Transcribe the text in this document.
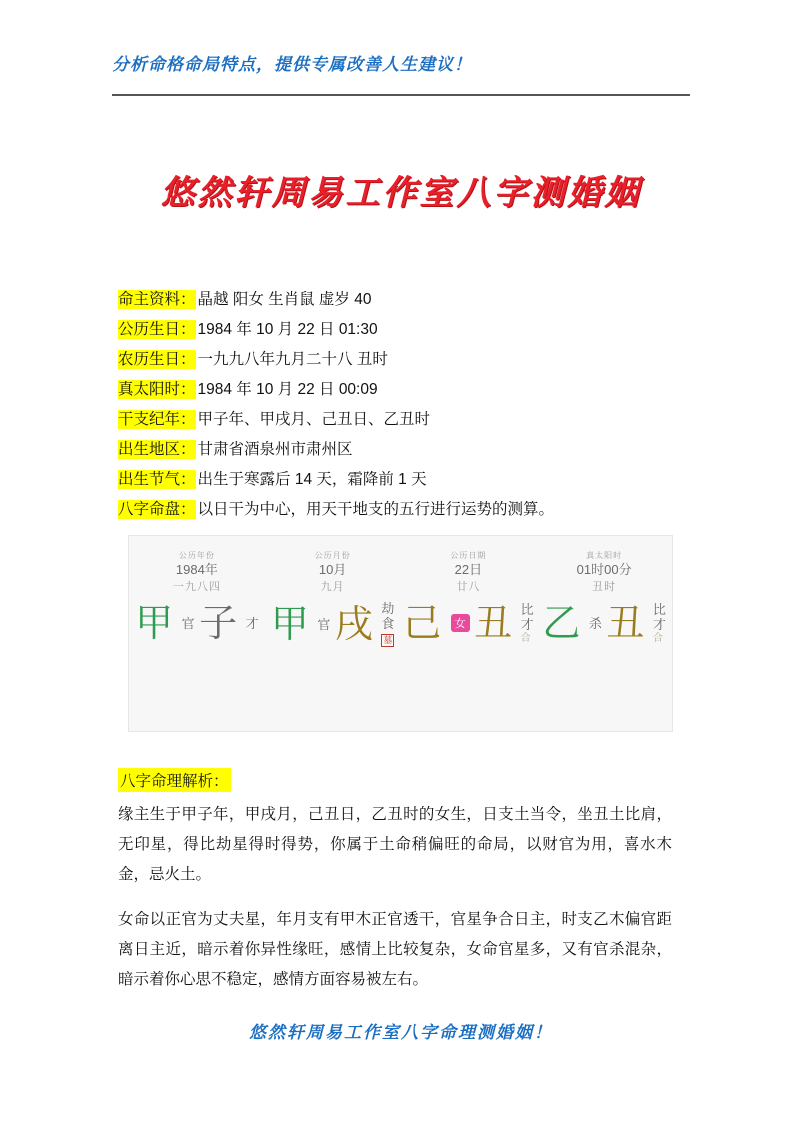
分析命格命局特点，提供专属改善人生建议！
悠然轩周易工作室八字测婚姻
命主资料： 晶越 阳女 生肖鼠 虚岁 40
公历生日： 1984 年 10 月 22 日 01:30
农历生日： 一九九八年九月二十八 丑时
真太阳时： 1984 年 10 月 22 日 00:09
干支纪年： 甲子年、甲戌月、己丑日、乙丑时
出生地区： 甘肃省酒泉州市肃州区
出生节气： 出生于寒露后 14 天，霜降前 1 天
八字命盘： 以日干为中心，用天干地支的五行进行运势的测算。
公历年份
1984年
一九八四
甲 官 子 才
公历月份
10月
九月
甲 官 戌 劫
食
墓
公历日期
22日
廿八
己 女 丑 比
才
合
真太阳时
01时00分
丑时
乙 杀 丑 比
才
合
八字命理解析：
缘主生于甲子年，甲戌月，己丑日，乙丑时的女生，日支土当令，坐丑土比肩，无印星，得比劫星得时得势，你属于土命稍偏旺的命局，以财官为用，喜水木金，忌火土。
女命以正官为丈夫星，年月支有甲木正官透干，官星争合日主，时支乙木偏官距离日主近，暗示着你异性缘旺，感情上比较复杂，女命官星多，又有官杀混杂，暗示着你心思不稳定，感情方面容易被左右。
悠然轩周易工作室八字命理测婚姻！
